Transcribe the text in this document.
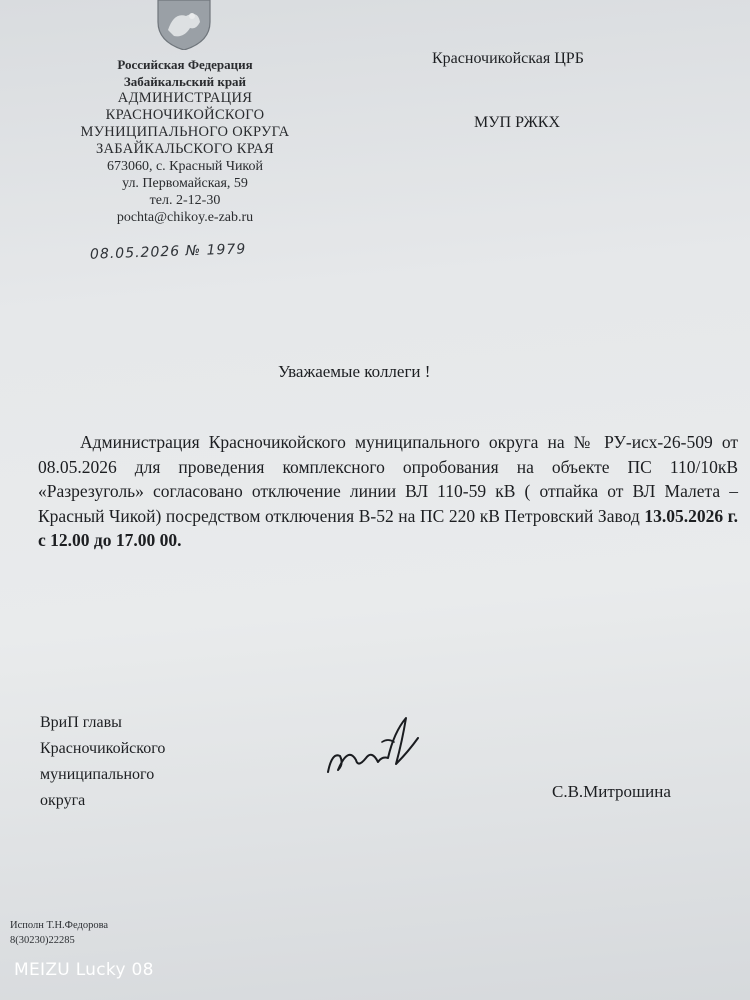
Российская Федерация
Забайкальский край
АДМИНИСТРАЦИЯ
КРАСНОЧИКОЙСКОГО
МУНИЦИПАЛЬНОГО ОКРУГА
ЗАБАЙКАЛЬСКОГО КРАЯ
673060, с. Красный Чикой
ул. Первомайская, 59
тел. 2-12-30
pochta@chikoy.e-zab.ru
08.05.2026 № 1979
Красночикойская ЦРБ
МУП РЖКХ
Уважаемые коллеги !
Администрация Красночикойского муниципального округа на № РУ-исх-26-509 от 08.05.2026 для проведения комплексного опробования на объекте ПС 110/10кВ «Разрезуголь» согласовано отключение линии ВЛ 110-59 кВ ( отпайка от ВЛ Малета – Красный Чикой) посредством отключения В-52 на ПС 220 кВ Петровский Завод 13.05.2026 г. с 12.00 до 17.00 00.
ВриП главы
Красночикойского
муниципального
округа	С.В.Митрошина
Исполн Т.Н.Федорова
8(30230)22285
MEIZU Lucky 08
